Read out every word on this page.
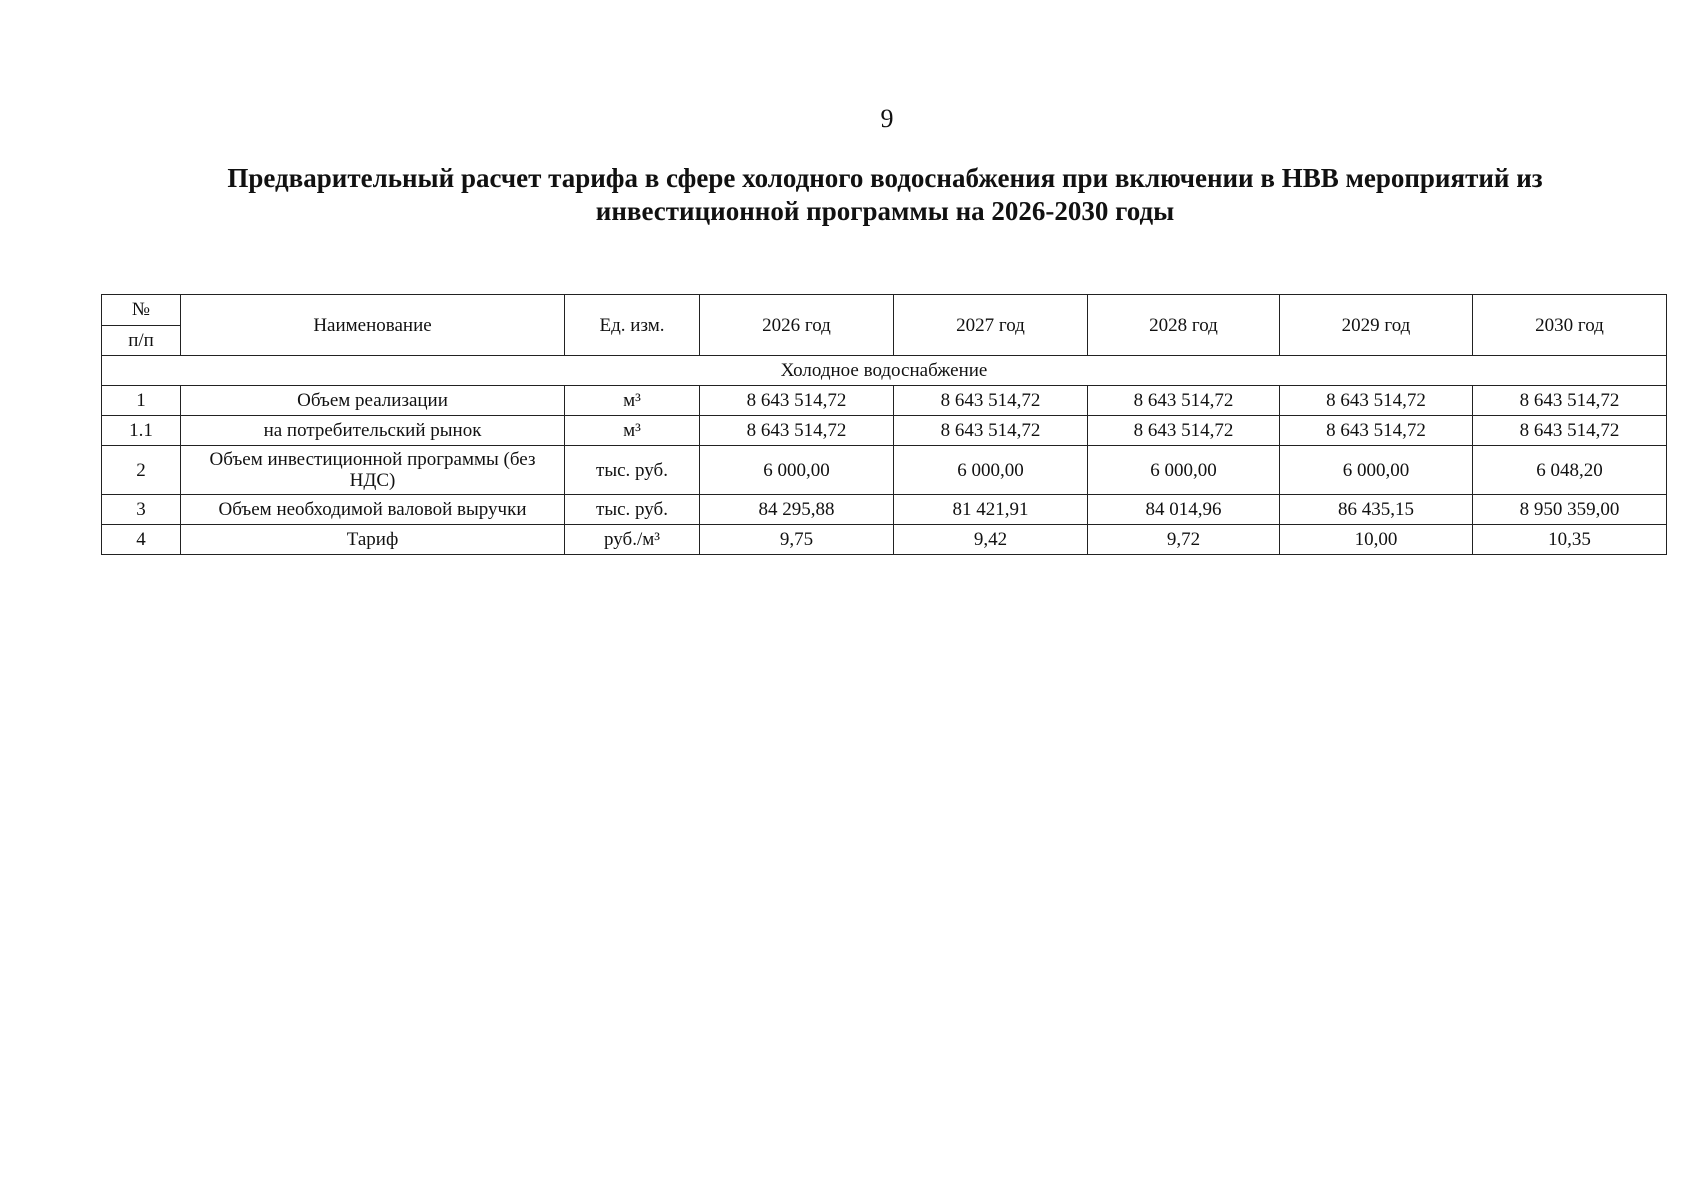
9
Предварительный расчет тарифа в сфере холодного водоснабжения при включении в НВВ мероприятий из
инвестиционной программы на 2026-2030 годы
№
п/п	Наименование	Ед. изм.	2026 год	2027 год	2028 год	2029 год	2030 год
Холодное водоснабжение							
1	Объем реализации	м³	8 643 514,72	8 643 514,72	8 643 514,72	8 643 514,72	8 643 514,72
1.1	на потребительский рынок	м³	8 643 514,72	8 643 514,72	8 643 514,72	8 643 514,72	8 643 514,72
2	Объем инвестиционной программы (без НДС)	тыс. руб.	6 000,00	6 000,00	6 000,00	6 000,00	6 048,20
3	Объем необходимой валовой выручки	тыс. руб.	84 295,88	81 421,91	84 014,96	86 435,15	8 950 359,00
4	Тариф	руб./м³	9,75	9,42	9,72	10,00	10,35
